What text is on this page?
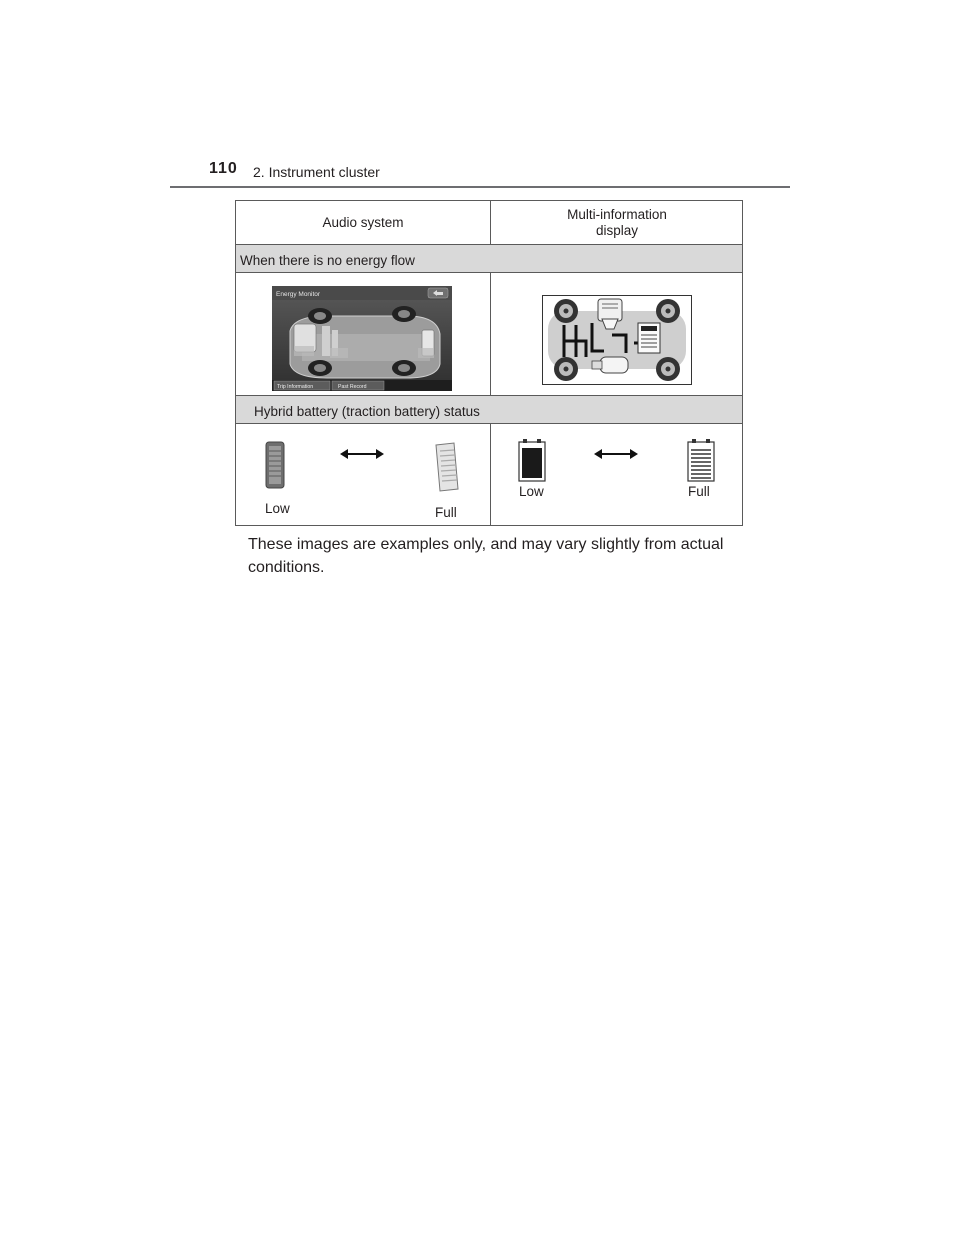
110 2. Instrument cluster
Audio system
Multi-information
display
When there is no energy flow
Energy Monitor
Trip Information	Past Record
Hybrid battery (traction battery) status
Low	Full
Low	Full
These images are examples only, and may vary slightly from actual conditions.
